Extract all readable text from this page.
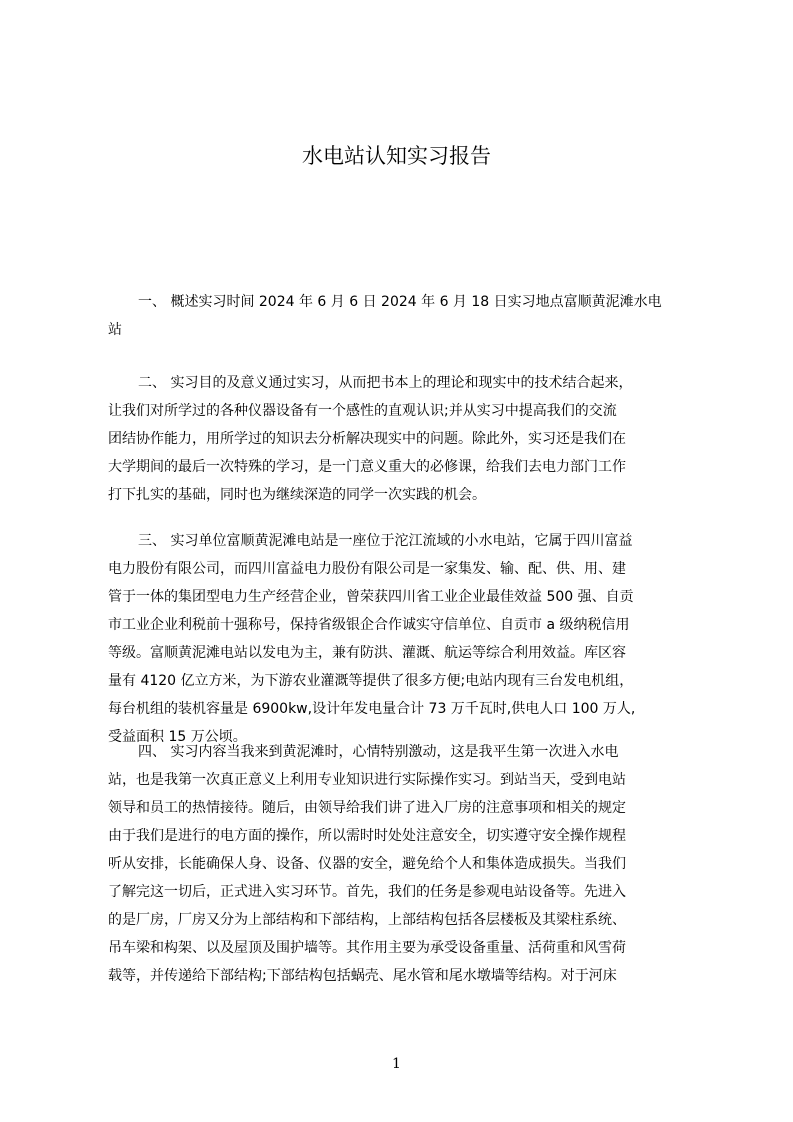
水电站认知实习报告
一、 概述实习时间 2024 年 6 月 6 日 2024 年 6 月 18 日实习地点富顺黄泥滩水电
站
二、 实习目的及意义通过实习，从而把书本上的理论和现实中的技术结合起来，
让我们对所学过的各种仪器设备有一个感性的直观认识;并从实习中提高我们的交流
团结协作能力，用所学过的知识去分析解决现实中的问题。除此外，实习还是我们在
大学期间的最后一次特殊的学习，是一门意义重大的必修课，给我们去电力部门工作
打下扎实的基础，同时也为继续深造的同学一次实践的机会。
三、 实习单位富顺黄泥滩电站是一座位于沱江流域的小水电站，它属于四川富益
电力股份有限公司，而四川富益电力股份有限公司是一家集发、输、配、供、用、建
管于一体的集团型电力生产经营企业，曾荣获四川省工业企业最佳效益 500 强、自贡
市工业企业利税前十强称号，保持省级银企合作诚实守信单位、自贡市 a 级纳税信用
等级。富顺黄泥滩电站以发电为主，兼有防洪、灌溉、航运等综合利用效益。库区容
量有 4120 亿立方米，为下游农业灌溉等提供了很多方便;电站内现有三台发电机组，
每台机组的装机容量是 6900kw,设计年发电量合计 73 万千瓦时,供电人口 100 万人,
受益面积 15 万公顷。
四、 实习内容当我来到黄泥滩时，心情特别激动，这是我平生第一次进入水电
站，也是我第一次真正意义上利用专业知识进行实际操作实习。到站当天，受到电站
领导和员工的热情接待。随后，由领导给我们讲了进入厂房的注意事项和相关的规定
由于我们是进行的电方面的操作，所以需时时处处注意安全，切实遵守安全操作规程
听从安排，长能确保人身、设备、仪器的安全，避免给个人和集体造成损失。当我们
了解完这一切后，正式进入实习环节。首先，我们的任务是参观电站设备等。先进入
的是厂房，厂房又分为上部结构和下部结构，上部结构包括各层楼板及其梁柱系统、
吊车梁和构架、以及屋顶及围护墙等。其作用主要为承受设备重量、活荷重和风雪荷
载等，并传递给下部结构;下部结构包括蜗壳、尾水管和尾水墩墙等结构。对于河床
1
